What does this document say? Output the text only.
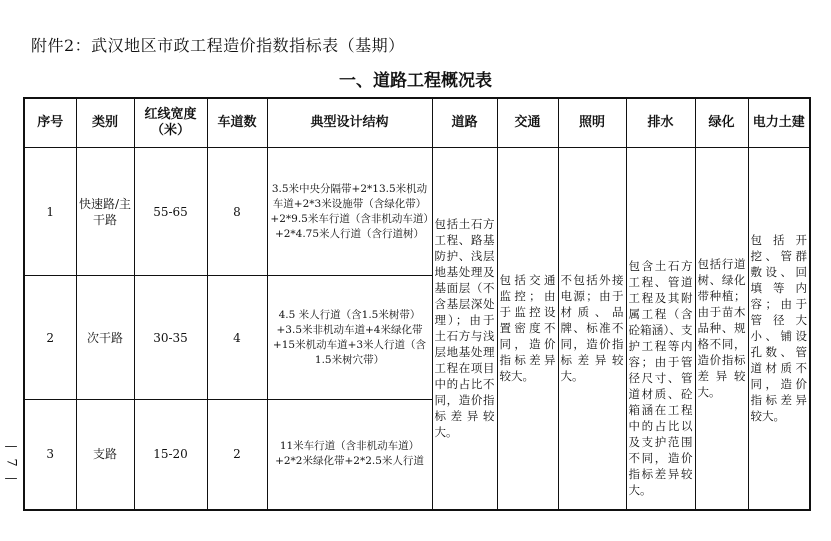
附件2：武汉地区市政工程造价指数指标表（基期）
一、道路工程概况表
—
7
—
序号	类别	红线宽度（米）	车道数	典型设计结构	道路	交通	照明	排水	绿化	电力土建
1	快速路/主干路	55-65	8	3.5米中央分隔带+2*13.5米机动车道+2*3米设施带（含绿化带）+2*9.5米车行道（含非机动车道）+2*4.75米人行道（含行道树）	包括土石方工程、路基防护、浅层地基处理及基面层（不含基层深处理）；由于土石方与浅层地基处理工程在项目中的占比不同，造价指标差异较大。	包括交通监控；由于监控设置密度不同，造价指标差异较大。	不包括外接电源；由于材质、品牌、标准不同，造价指标差异较大。	包含土石方工程、管道工程及其附属工程（含砼箱涵）、支护工程等内容；由于管径尺寸、管道材质、砼箱涵在工程中的占比以及支护范围不同，造价指标差异较大。	包括行道树、绿化带种植；由于苗木品种、规格不同，造价指标差异较大。	包括开挖、管群敷设、回填等内容；由于管径大小、铺设孔数、管道材质不同，造价指标差异较大。
2	次干路	30-35	4	4.5 米人行道（含1.5米树带）+3.5米非机动车道+4米绿化带+15米机动车道+3米人行道（含1.5米树穴带）						
3	支路	15-20	2	11米车行道（含非机动车道）+2*2米绿化带+2*2.5米人行道						
